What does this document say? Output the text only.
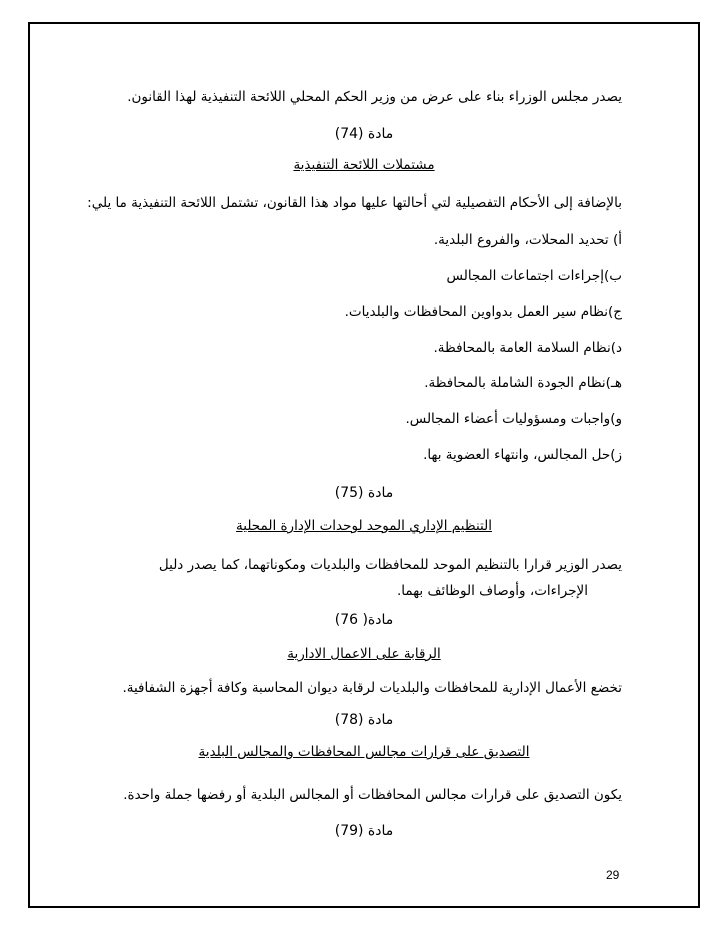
يصدر مجلس الوزراء بناء على عرض من وزير الحكم المحلي اللائحة التنفيذية لهذا القانون.
مادة (74)
مشتملات اللائحة التنفيذية
بالإضافة إلى الأحكام التفصيلية لتي أحالتها عليها مواد هذا القانون، تشتمل اللائحة التنفيذية ما يلي:
أ) تحديد المحلات، والفروع البلدية.
ب)إجراءات اجتماعات المجالس
ج)نظام سير العمل بدواوين المحافظات والبلديات.
د)نظام السلامة العامة بالمحافظة.
هـ)نظام الجودة الشاملة بالمحافظة.
و)واجبات ومسؤوليات أعضاء المجالس.
ز)حل المجالس، وانتهاء العضوية بها.
مادة (75)
التنظيم الإداري الموحد لوحدات الإدارة المحلية
يصدر الوزير قرارا بالتنظيم الموحد للمحافظات والبلديات ومكوناتهما، كما يصدر دليل
الإجراءات، وأوصاف الوظائف بهما.
مادة( 76)
الرقابة على الاعمال الادارية
تخضع الأعمال الإدارية للمحافظات والبلديات لرقابة ديوان المحاسبة وكافة أجهزة الشفافية.
مادة (78)
التصديق على قرارات مجالس المحافظات والمجالس البلدية
يكون التصديق على قرارات مجالس المحافظات أو المجالس البلدية أو رفضها جملة واحدة.
مادة (79)
29
